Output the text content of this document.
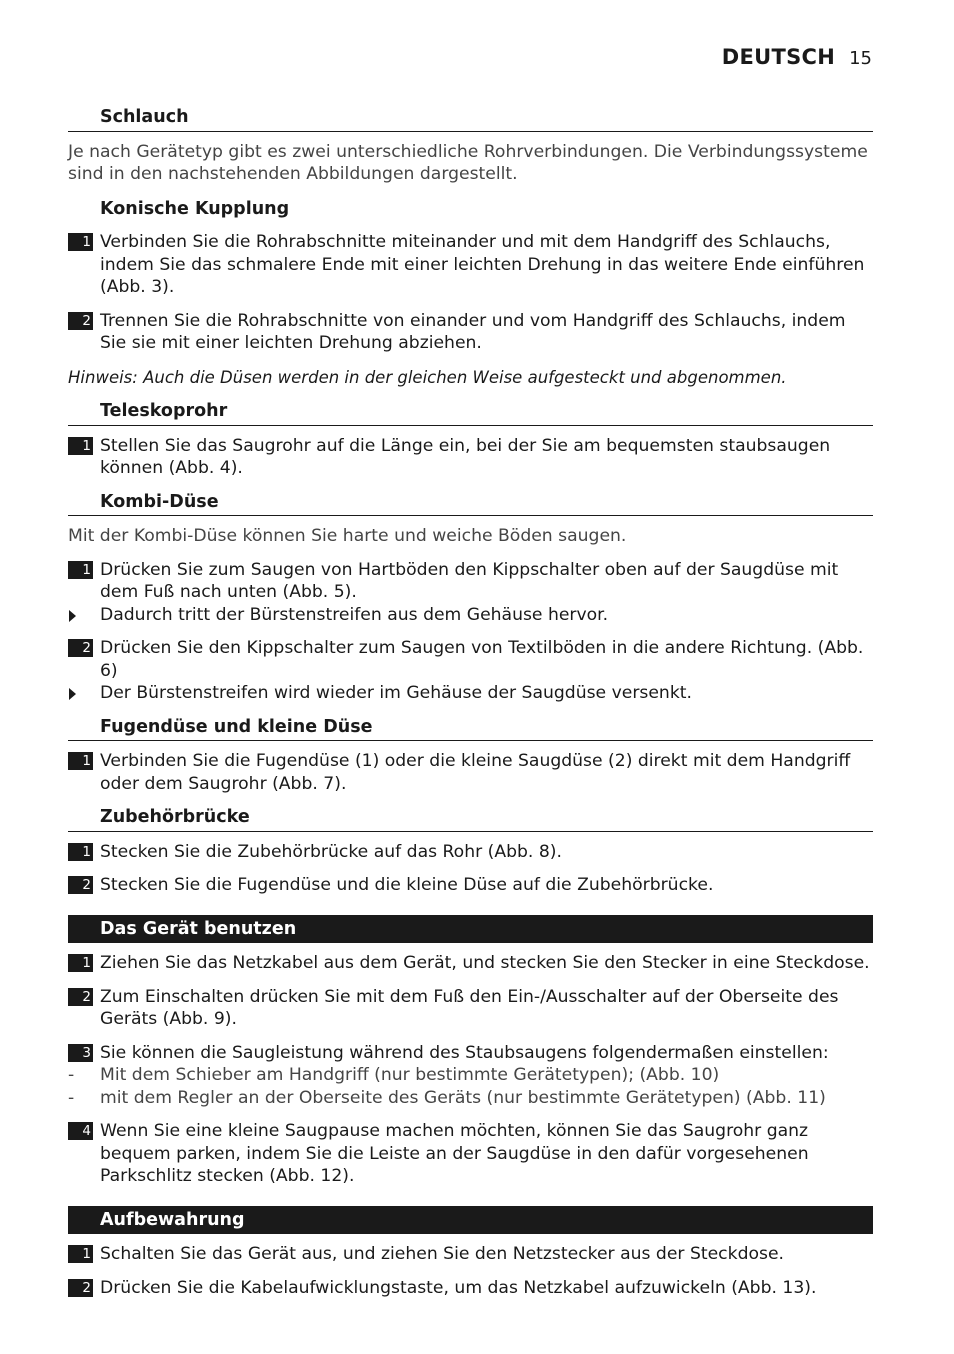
DEUTSCH 15
Schlauch
Je nach Gerätetyp gibt es zwei unterschiedliche Rohrverbindungen. Die Verbindungssysteme sind in den nachstehenden Abbildungen dargestellt.
Konische Kupplung
1 Verbinden Sie die Rohrabschnitte miteinander und mit dem Handgriff des Schlauchs, indem Sie das schmalere Ende mit einer leichten Drehung in das weitere Ende einführen (Abb. 3).
2 Trennen Sie die Rohrabschnitte von einander und vom Handgriff des Schlauchs, indem Sie sie mit einer leichten Drehung abziehen.
Hinweis: Auch die Düsen werden in der gleichen Weise aufgesteckt und abgenommen.
Teleskoprohr
1 Stellen Sie das Saugrohr auf die Länge ein, bei der Sie am bequemsten staubsaugen können (Abb. 4).
Kombi-Düse
Mit der Kombi-Düse können Sie harte und weiche Böden saugen.
1 Drücken Sie zum Saugen von Hartböden den Kippschalter oben auf der Saugdüse mit dem Fuß nach unten (Abb. 5).
Dadurch tritt der Bürstenstreifen aus dem Gehäuse hervor.
2 Drücken Sie den Kippschalter zum Saugen von Textilböden in die andere Richtung. (Abb. 6)
Der Bürstenstreifen wird wieder im Gehäuse der Saugdüse versenkt.
Fugendüse und kleine Düse
1 Verbinden Sie die Fugendüse (1) oder die kleine Saugdüse (2) direkt mit dem Handgriff oder dem Saugrohr (Abb. 7).
Zubehörbrücke
1 Stecken Sie die Zubehörbrücke auf das Rohr (Abb. 8).
2 Stecken Sie die Fugendüse und die kleine Düse auf die Zubehörbrücke.
Das Gerät benutzen
1 Ziehen Sie das Netzkabel aus dem Gerät, und stecken Sie den Stecker in eine Steckdose.
2 Zum Einschalten drücken Sie mit dem Fuß den Ein-/Ausschalter auf der Oberseite des Geräts (Abb. 9).
3 Sie können die Saugleistung während des Staubsaugens folgendermaßen einstellen:
- Mit dem Schieber am Handgriff (nur bestimmte Gerätetypen); (Abb. 10)
- mit dem Regler an der Oberseite des Geräts (nur bestimmte Gerätetypen) (Abb. 11)
4 Wenn Sie eine kleine Saugpause machen möchten, können Sie das Saugrohr ganz bequem parken, indem Sie die Leiste an der Saugdüse in den dafür vorgesehenen Parkschlitz stecken (Abb. 12).
Aufbewahrung
1 Schalten Sie das Gerät aus, und ziehen Sie den Netzstecker aus der Steckdose.
2 Drücken Sie die Kabelaufwicklungstaste, um das Netzkabel aufzuwickeln (Abb. 13).
